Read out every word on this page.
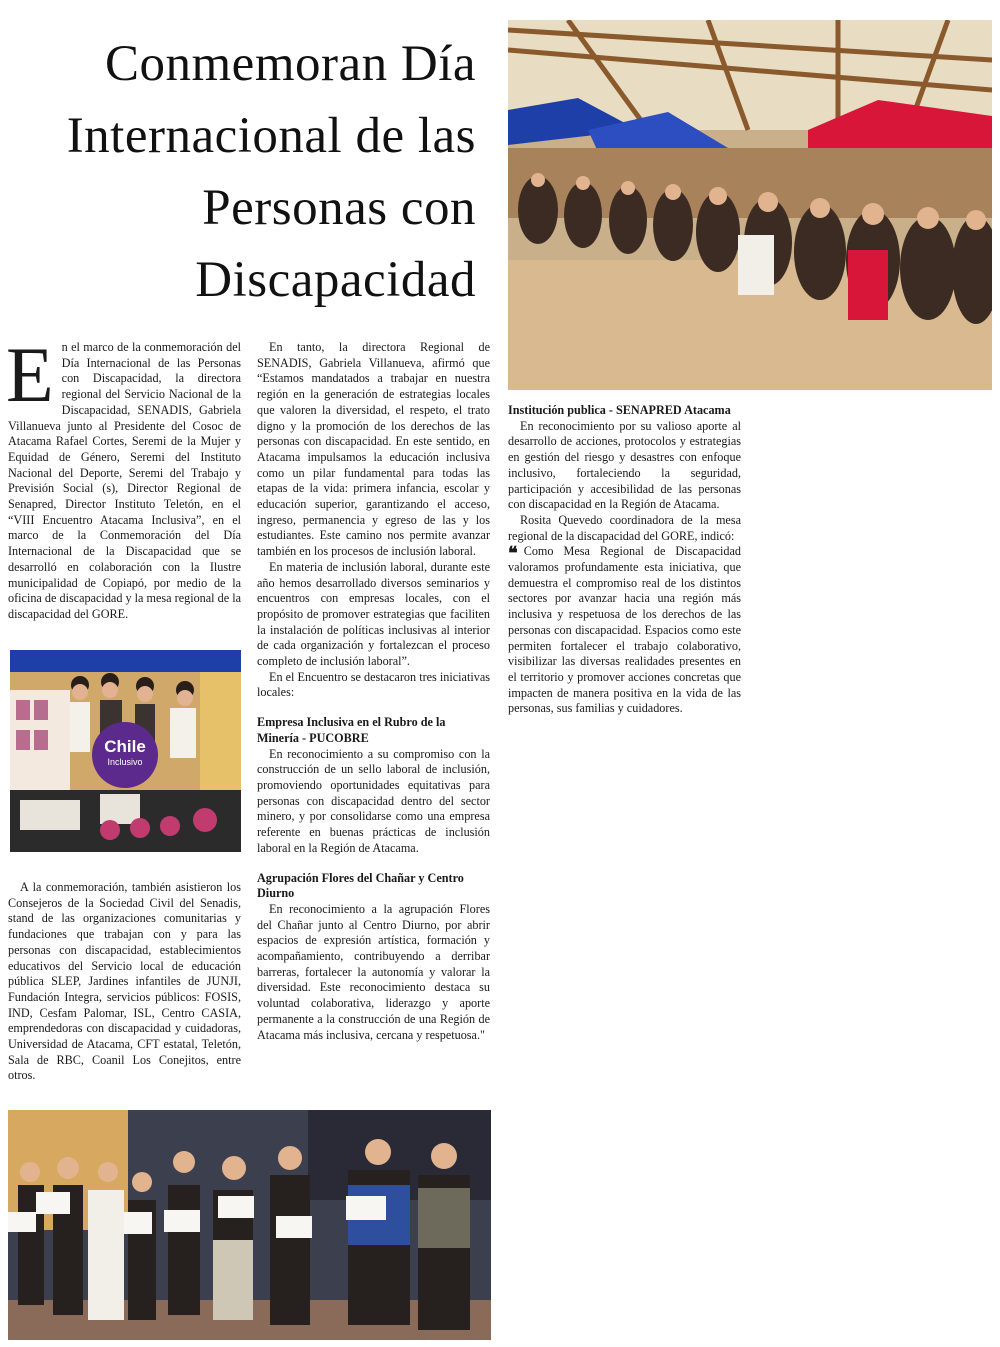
Conmemoran Día Internacional de las Personas con Discapacidad
E n el marco de la conmemoración del Día Internacional de las Personas con Discapacidad, la directora regional del Servicio Nacional de la Discapacidad, SENADIS, Gabriela Villanueva junto al Presidente del Cosoc de Atacama Rafael Cortes, Seremi de la Mujer y Equidad de Género, Seremi del Instituto Nacional del Deporte, Seremi del Trabajo y Previsión Social (s), Director Regional de Senapred, Director Instituto Teletón, en el “VIII Encuentro Atacama Inclusiva”, en el marco de la Conmemoración del Día Internacional de la Discapacidad que se desarrolló en colaboración con la Ilustre municipalidad de Copiapó, por medio de la oficina de discapacidad y la mesa regional de la discapacidad del GORE.

Chile
Inclusivo

A la conmemoración, también asistieron los Consejeros de la Sociedad Civil del Senadis, stand de las organizaciones comunitarias y fundaciones que trabajan con y para las personas con discapacidad, establecimientos educativos del Servicio local de educación pública SLEP, Jardines infantiles de JUNJI, Fundación Integra, servicios públicos: FOSIS, IND, Cesfam Palomar, ISL, Centro CASIA, emprendedoras con discapacidad y cuidadoras, Universidad de Atacama, CFT estatal, Teletón, Sala de RBC, Coanil Los Conejitos, entre otros.

En tanto, la directora Regional de SENADIS, Gabriela Villanueva, afirmó que “Estamos mandatados a trabajar en nuestra región en la generación de estrategias locales que valoren la diversidad, el respeto, el trato digno y la promoción de los derechos de las personas con discapacidad. En este sentido, en Atacama impulsamos la educación inclusiva como un pilar fundamental para todas las etapas de la vida: primera infancia, escolar y educación superior, garantizando el acceso, ingreso, permanencia y egreso de las y los estudiantes. Este camino nos permite avanzar también en los procesos de inclusión laboral.

En materia de inclusión laboral, durante este año hemos desarrollado diversos seminarios y encuentros con empresas locales, con el propósito de promover estrategias que faciliten la instalación de políticas inclusivas al interior de cada organización y fortalezcan el proceso completo de inclusión laboral”.

En el Encuentro se destacaron tres iniciativas locales:

Empresa Inclusiva en el Rubro de la Minería - PUCOBRE

En reconocimiento a su compromiso con la construcción de un sello laboral de inclusión, promoviendo oportunidades equitativas para personas con discapacidad dentro del sector minero, y por consolidarse como una empresa referente en buenas prácticas de inclusión laboral en la Región de Atacama.

Agrupación Flores del Chañar y Centro Diurno

En reconocimiento a la agrupación Flores del Chañar junto al Centro Diurno, por abrir espacios de expresión artística, formación y acompañamiento, contribuyendo a derribar barreras, fortalecer la autonomía y valorar la diversidad. Este reconocimiento destaca su voluntad colaborativa, liderazgo y aporte permanente a la construcción de una Región de Atacama más inclusiva, cercana y respetuosa."

Institución publica - SENAPRED Atacama

En reconocimiento por su valioso aporte al desarrollo de acciones, protocolos y estrategias en gestión del riesgo y desastres con enfoque inclusivo, fortaleciendo la seguridad, participación y accesibilidad de las personas con discapacidad en la Región de Atacama.

Rosita Quevedo coordinadora de la mesa regional de la discapacidad del GORE, indicó:

❝ Como Mesa Regional de Discapacidad valoramos profundamente esta iniciativa, que demuestra el compromiso real de los distintos sectores por avanzar hacia una región más inclusiva y respetuosa de los derechos de las personas con discapacidad. Espacios como este permiten fortalecer el trabajo colaborativo, visibilizar las diversas realidades presentes en el territorio y promover acciones concretas que impacten de manera positiva en la vida de las personas, sus familias y cuidadores.
